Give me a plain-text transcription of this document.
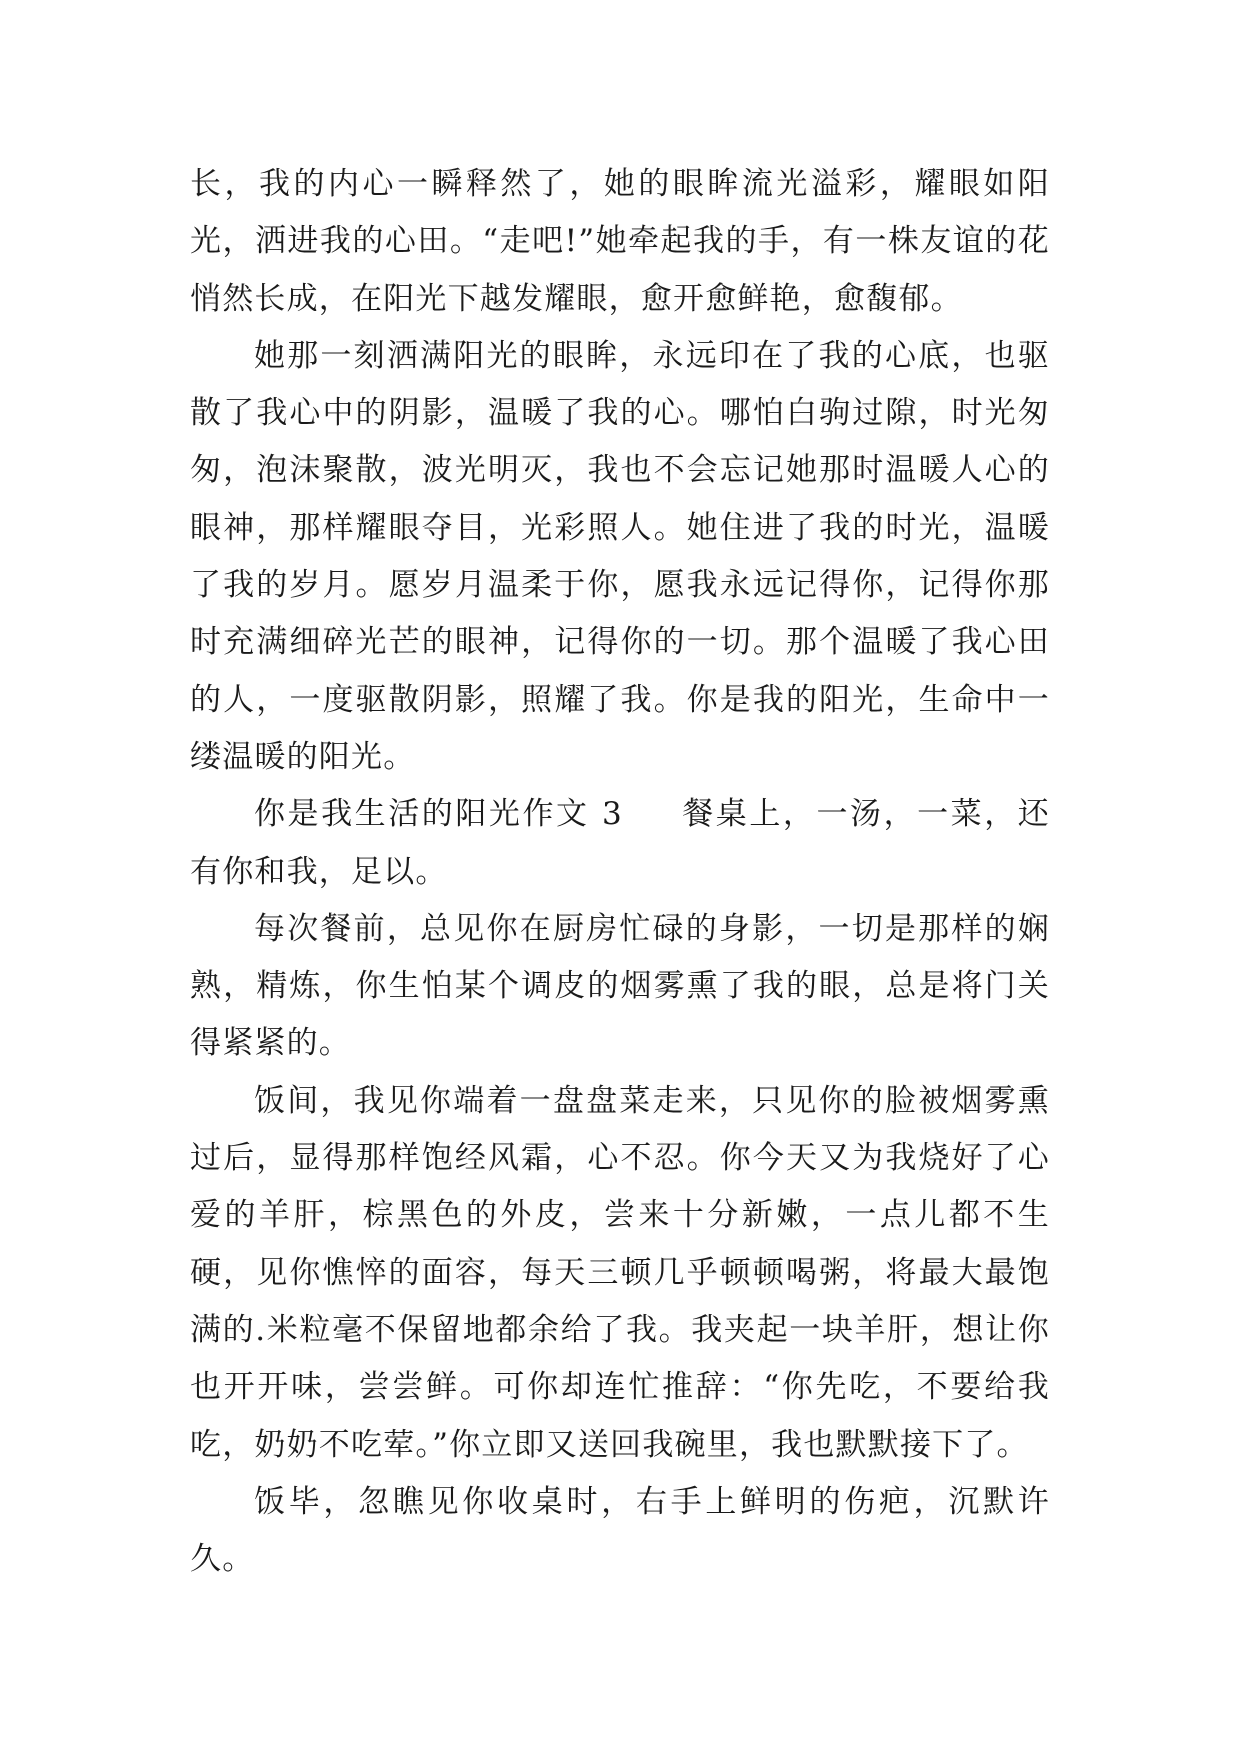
长，我的内心一瞬释然了，她的眼眸流光溢彩，耀眼如阳光，洒进我的心田。“走吧!”她牵起我的手，有一株友谊的花悄然长成，在阳光下越发耀眼，愈开愈鲜艳，愈馥郁。

她那一刻洒满阳光的眼眸，永远印在了我的心底，也驱散了我心中的阴影，温暖了我的心。哪怕白驹过隙，时光匆匆，泡沫聚散，波光明灭，我也不会忘记她那时温暖人心的眼神，那样耀眼夺目，光彩照人。她住进了我的时光，温暖了我的岁月。愿岁月温柔于你，愿我永远记得你，记得你那时充满细碎光芒的眼神，记得你的一切。那个温暖了我心田的人，一度驱散阴影，照耀了我。你是我的阳光，生命中一缕温暖的阳光。

你是我生活的阳光作文 3 餐桌上，一汤，一菜，还有你和我，足以。

每次餐前，总见你在厨房忙碌的身影，一切是那样的娴熟，精炼，你生怕某个调皮的烟雾熏了我的眼，总是将门关得紧紧的。

饭间，我见你端着一盘盘菜走来，只见你的脸被烟雾熏过后，显得那样饱经风霜，心不忍。你今天又为我烧好了心爱的羊肝，棕黑色的外皮，尝来十分新嫩，一点儿都不生硬，见你憔悴的面容，每天三顿几乎顿顿喝粥，将最大最饱满的.米粒毫不保留地都余给了我。我夹起一块羊肝，想让你也开开味，尝尝鲜。可你却连忙推辞：“你先吃，不要给我吃，奶奶不吃荤。”你立即又送回我碗里，我也默默接下了。

饭毕，忽瞧见你收桌时，右手上鲜明的伤疤，沉默许久。
